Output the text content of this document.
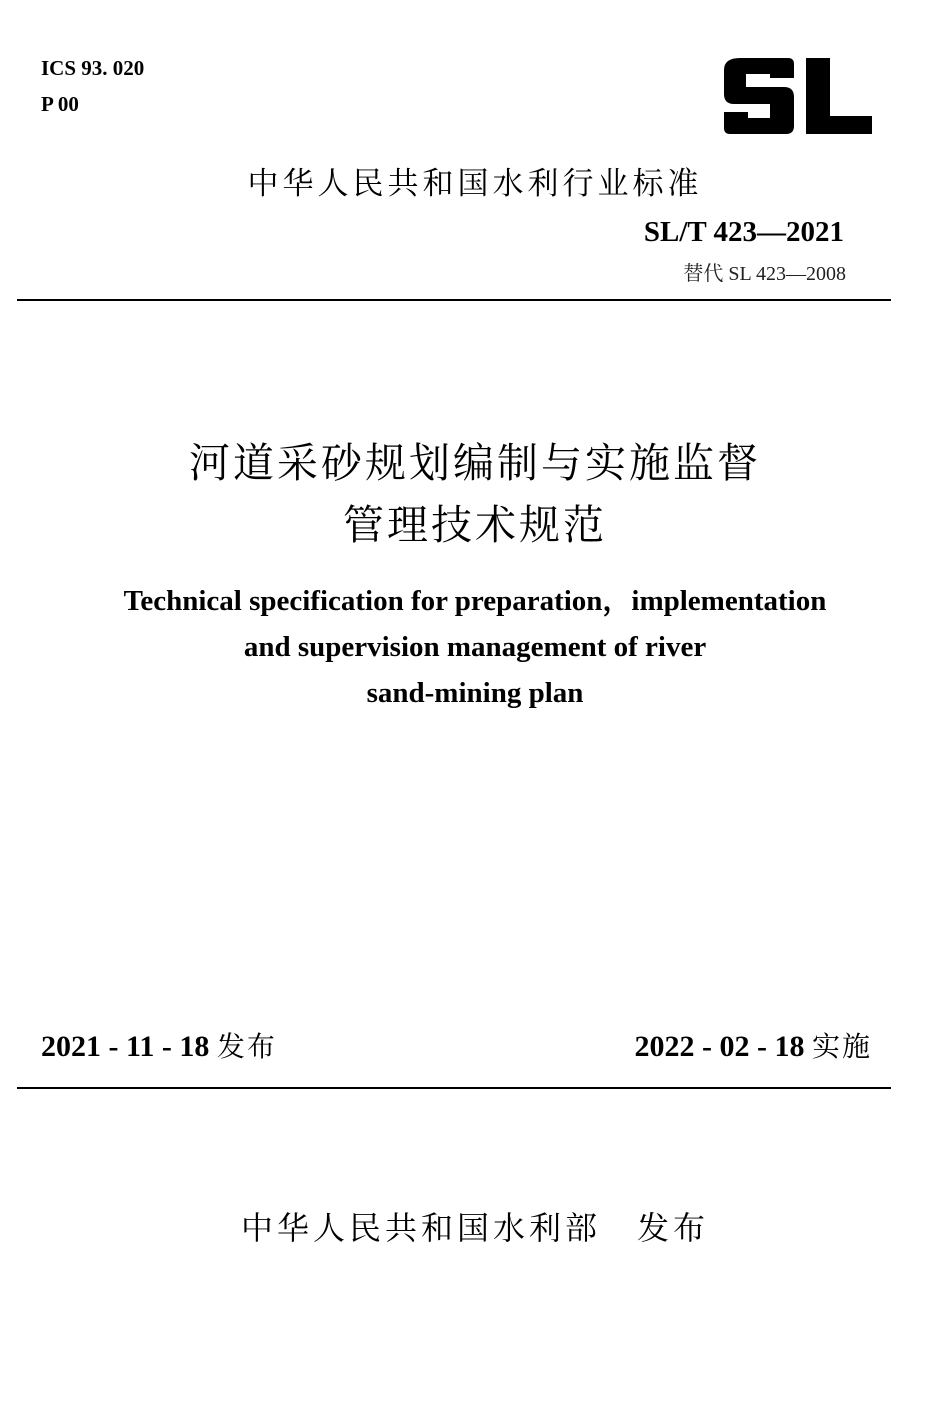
ICS 93. 020
P 00
中华人民共和国水利行业标准
SL/T 423—2021
替代 SL 423—2008
河道采砂规划编制与实施监督
管理技术规范
Technical specification for preparation，implementation
and supervision management of river
sand-mining plan
2021 - 11 - 18 发布	2022 - 02 - 18 实施
中华人民共和国水利部　发布
